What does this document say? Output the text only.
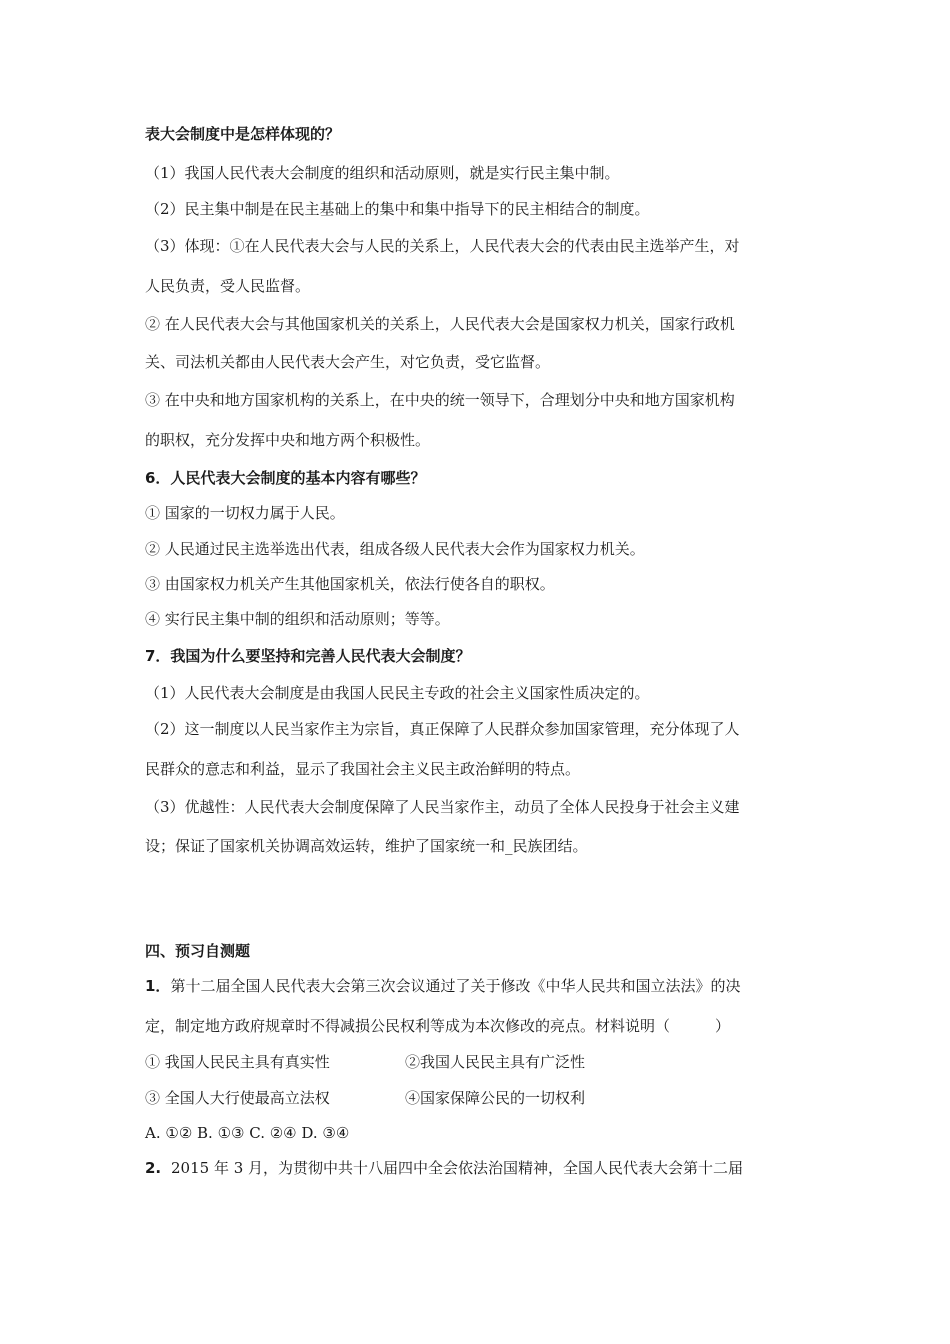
表大会制度中是怎样体现的？
（1）我国人民代表大会制度的组织和活动原则，就是实行民主集中制。
（2）民主集中制是在民主基础上的集中和集中指导下的民主相结合的制度。
（3）体现：①在人民代表大会与人民的关系上，人民代表大会的代表由民主选举产生，对
人民负责，受人民监督。
② 在人民代表大会与其他国家机关的关系上，人民代表大会是国家权力机关，国家行政机
关、司法机关都由人民代表大会产生，对它负责，受它监督。
③ 在中央和地方国家机构的关系上，在中央的统一领导下，合理划分中央和地方国家机构
的职权，充分发挥中央和地方两个积极性。
6．人民代表大会制度的基本内容有哪些？
① 国家的一切权力属于人民。
② 人民通过民主选举选出代表，组成各级人民代表大会作为国家权力机关。
③ 由国家权力机关产生其他国家机关，依法行使各自的职权。
④ 实行民主集中制的组织和活动原则；等等。
7．我国为什么要坚持和完善人民代表大会制度？
（1）人民代表大会制度是由我国人民民主专政的社会主义国家性质决定的。
（2）这一制度以人民当家作主为宗旨，真正保障了人民群众参加国家管理，充分体现了人
民群众的意志和利益，显示了我国社会主义民主政治鲜明的特点。
（3）优越性：人民代表大会制度保障了人民当家作主，动员了全体人民投身于社会主义建
设；保证了国家机关协调高效运转，维护了国家统一和_民族团结。
四、预习自测题
1．第十二届全国人民代表大会第三次会议通过了关于修改《中华人民共和国立法法》的决
定，制定地方政府规章时不得减损公民权利等成为本次修改的亮点。材料说明（　　　）
① 我国人民民主具有真实性	②我国人民民主具有广泛性
③ 全国人大行使最高立法权	④国家保障公民的一切权利
A. ①② B. ①③ C. ②④ D. ③④
2. 2015 年 3 月，为贯彻中共十八届四中全会依法治国精神，全国人民代表大会第十二届
